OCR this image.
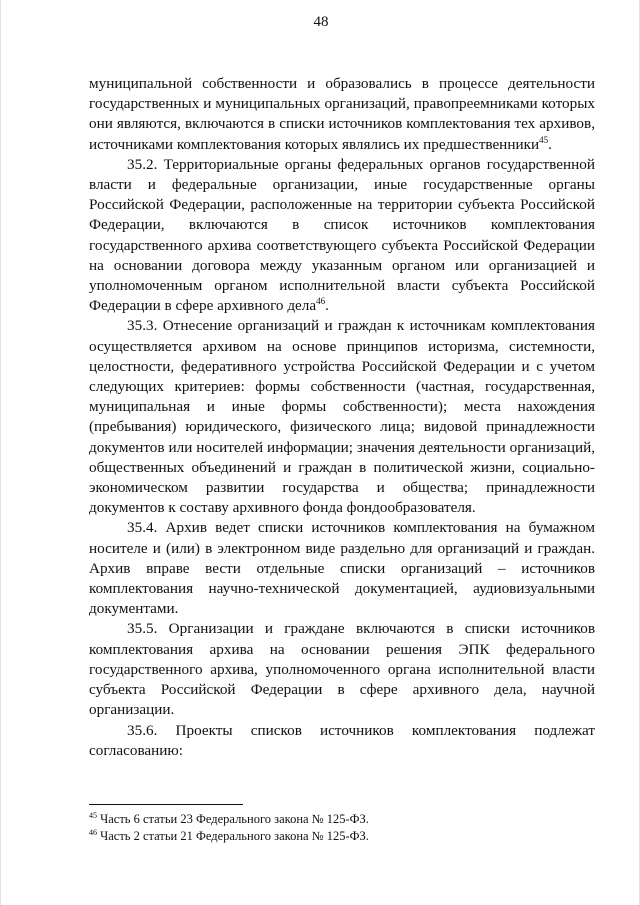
48

муниципальной собственности и образовались в процессе деятельности государственных и муниципальных организаций, правопреемниками которых они являются, включаются в списки источников комплектования тех архивов, источниками комплектования которых являлись их предшественники$^{45}$.

35.2. Территориальные органы федеральных органов государственной власти и федеральные организации, иные государственные органы Российской Федерации, расположенные на территории субъекта Российской Федерации, включаются в список источников комплектования государственного архива соответствующего субъекта Российской Федерации на основании договора между указанным органом или организацией и уполномоченным органом исполнительной власти субъекта Российской Федерации в сфере архивного дела$^{46}$.

35.3. Отнесение организаций и граждан к источникам комплектования осуществляется архивом на основе принципов историзма, системности, целостности, федеративного устройства Российской Федерации и с учетом следующих критериев: формы собственности (частная, государственная, муниципальная и иные формы собственности); места нахождения (пребывания) юридического, физического лица; видовой принадлежности документов или носителей информации; значения деятельности организаций, общественных объединений и граждан в политической жизни, социально-экономическом развитии государства и общества; принадлежности документов к составу архивного фонда фондообразователя.

35.4. Архив ведет списки источников комплектования на бумажном носителе и (или) в электронном виде раздельно для организаций и граждан. Архив вправе вести отдельные списки организаций – источников комплектования научно-технической документацией, аудиовизуальными документами.

35.5. Организации и граждане включаются в списки источников комплектования архива на основании решения ЭПК федерального государственного архива, уполномоченного органа исполнительной власти субъекта Российской Федерации в сфере архивного дела, научной организации.

35.6. Проекты списков источников комплектования подлежат согласованию:

$^{45}$ Часть 6 статьи 23 Федерального закона № 125-ФЗ.

$^{46}$ Часть 2 статьи 21 Федерального закона № 125-ФЗ.
